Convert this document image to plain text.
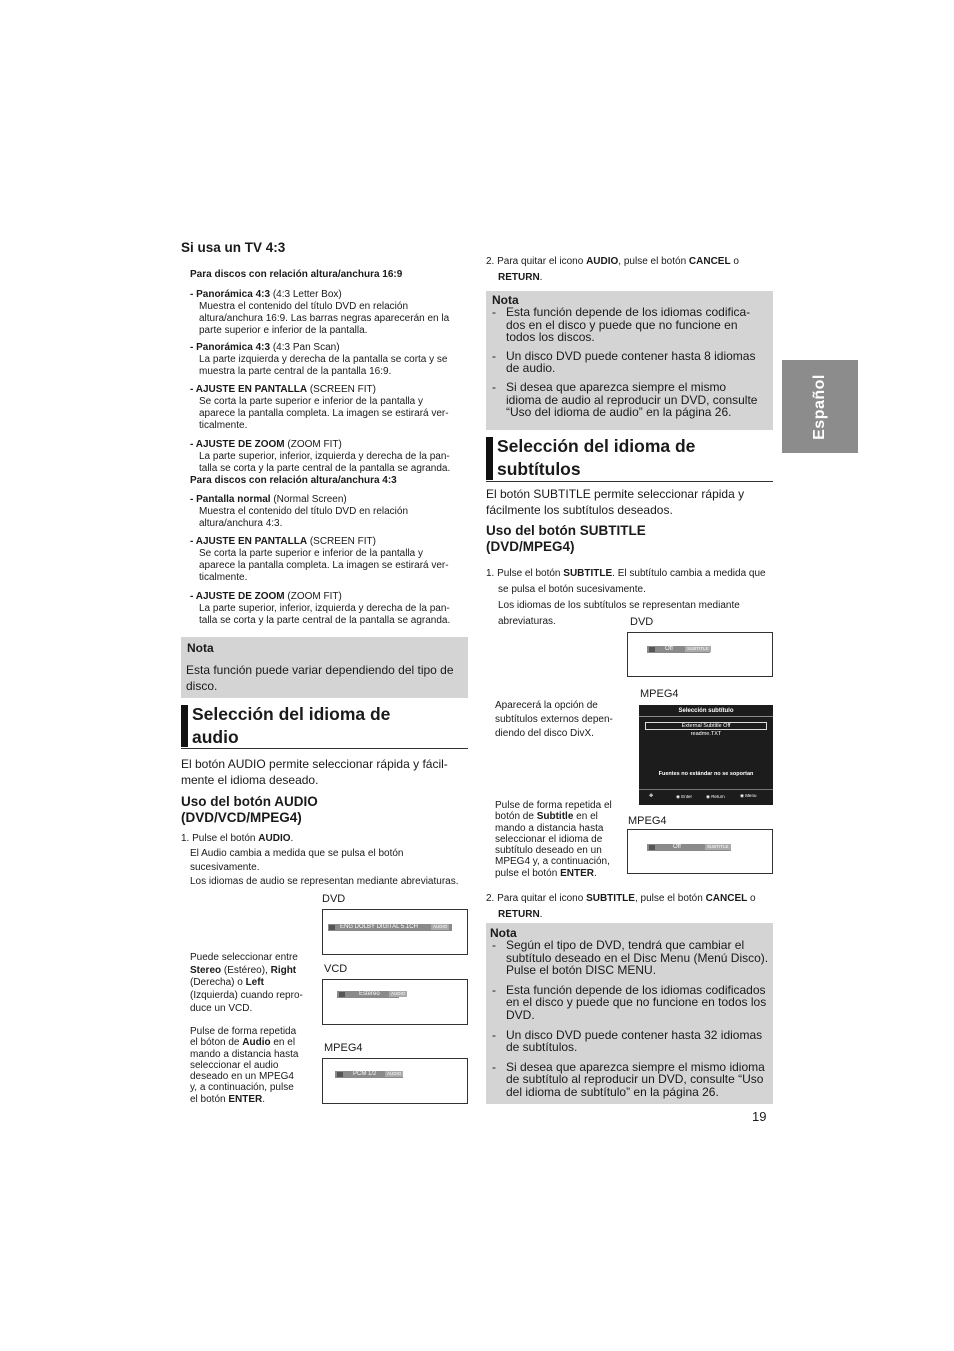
Español
Si usa un TV 4:3
Para discos con relación altura/anchura 16:9
- Panorámica 4:3 (4:3 Letter Box)
Muestra el contenido del título DVD en relación
altura/anchura 16:9. Las barras negras aparecerán en la
parte superior e inferior de la pantalla.
- Panorámica 4:3 (4:3 Pan Scan)
La parte izquierda y derecha de la pantalla se corta y se
muestra la parte central de la pantalla 16:9.
- AJUSTE EN PANTALLA (SCREEN FIT)
Se corta la parte superior e inferior de la pantalla y
aparece la pantalla completa. La imagen se estirará ver-
ticalmente.
- AJUSTE DE ZOOM (ZOOM FIT)
La parte superior, inferior, izquierda y derecha de la pan-
talla se corta y la parte central de la pantalla se agranda.
Para discos con relación altura/anchura 4:3
- Pantalla normal (Normal Screen)
Muestra el contenido del título DVD en relación
altura/anchura 4:3.
- AJUSTE EN PANTALLA (SCREEN FIT)
Se corta la parte superior e inferior de la pantalla y
aparece la pantalla completa. La imagen se estirará ver-
ticalmente.
- AJUSTE DE ZOOM (ZOOM FIT)
La parte superior, inferior, izquierda y derecha de la pan-
talla se corta y la parte central de la pantalla se agranda.
Nota
Esta función puede variar dependiendo del tipo de
disco.
Selección del idioma de
audio
El botón AUDIO permite seleccionar rápida y fácil-
mente el idioma deseado.
Uso del botón AUDIO
(DVD/VCD/MPEG4)
1. Pulse el botón AUDIO.
El Audio cambia a medida que se pulsa el botón
sucesivamente.
Los idiomas de audio se representan mediante abreviaturas.
DVD
ENG DOLBY DIGITAL 5.1CH	AUDIO
VCD
Estereo	AUDIO
MPEG4
PCM 1/2	AUDIO
Puede seleccionar entre
Stereo (Estéreo), Right
(Derecha) o Left
(Izquierda) cuando repro-
duce un VCD.
Pulse de forma repetida
el bóton de Audio en el
mando a distancia hasta
seleccionar el audio
deseado en un MPEG4
y, a continuación, pulse
el botón ENTER.
2. Para quitar el icono AUDIO, pulse el botón CANCEL o
RETURN.
Nota
- Esta función depende de los idiomas codifica-
dos en el disco y puede que no funcione en
todos los discos.
- Un disco DVD puede contener hasta 8 idiomas
de audio.
- Si desea que aparezca siempre el mismo
idioma de audio al reproducir un DVD, consulte
“Uso del idioma de audio” en la página 26.
Selección del idioma de
subtítulos
El botón SUBTITLE permite seleccionar rápida y
fácilmente los subtítulos deseados.
Uso del botón SUBTITLE
(DVD/MPEG4)
1. Pulse el botón SUBTITLE. El subtítulo cambia a medida que
se pulsa el botón sucesivamente.
Los idiomas de los subtítulos se representan mediante
abreviaturas.	DVD
Off	SUBTITLE
MPEG4
Selección subtítulo
External Subtitle Off
readme.TXT
Fuentes no estándar no se soportan
✥	◉ Enter	◉ Return	◉ Menu
Aparecerá la opción de
subtítulos externos depen-
diendo del disco DivX.
Pulse de forma repetida el
botón de Subtitle en el
mando a distancia hasta
seleccionar el idioma de
subtítulo deseado en un
MPEG4 y, a continuación,
pulse el botón ENTER.
MPEG4
Off	SUBTITLE
2. Para quitar el icono SUBTITLE, pulse el botón CANCEL o
RETURN.
Nota
- Según el tipo de DVD, tendrá que cambiar el
subtítulo deseado en el Disc Menu (Menú Disco).
Pulse el botón DISC MENU.
- Esta función depende de los idiomas codificados
en el disco y puede que no funcione en todos los
DVD.
- Un disco DVD puede contener hasta 32 idiomas
de subtítulos.
- Si desea que aparezca siempre el mismo idioma
de subtítulo al reproducir un DVD, consulte “Uso
del idioma de subtítulo” en la página 26.
19
